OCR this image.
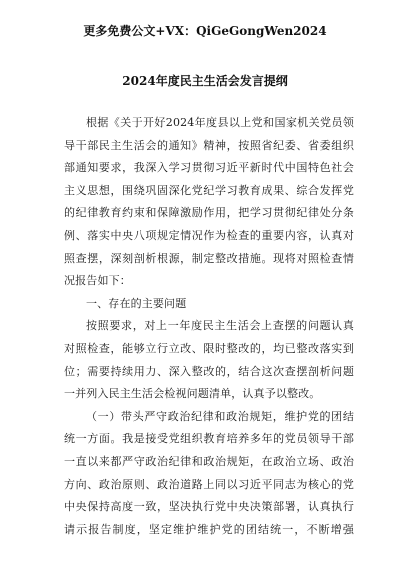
更多免费公文+VX：QiGeGongWen2024
2024年度民主生活会发言提纲
根据《关于开好2024年度县以上党和国家机关党员领
导干部民主生活会的通知》精神，按照省纪委、省委组织
部通知要求，我深入学习贯彻习近平新时代中国特色社会
主义思想，围绕巩固深化党纪学习教育成果、综合发挥党
的纪律教育约束和保障激励作用，把学习贯彻纪律处分条
例、落实中央八项规定情况作为检查的重要内容，认真对
照查摆，深刻剖析根源，制定整改措施。现将对照检查情
况报告如下：
一、存在的主要问题
按照要求，对上一年度民主生活会上查摆的问题认真
对照检查，能够立行立改、限时整改的，均已整改落实到
位；需要持续用力、深入整改的，结合这次查摆剖析问题
一并列入民主生活会检视问题清单，认真予以整改。
（一）带头严守政治纪律和政治规矩，维护党的团结
统一方面。我是接受党组织教育培养多年的党员领导干部
一直以来都严守政治纪律和政治规矩，在政治立场、政治
方向、政治原则、政治道路上同以习近平同志为核心的党
中央保持高度一致，坚决执行党中央决策部署，认真执行
请示报告制度，坚定维护维护党的团结统一，不断增强
